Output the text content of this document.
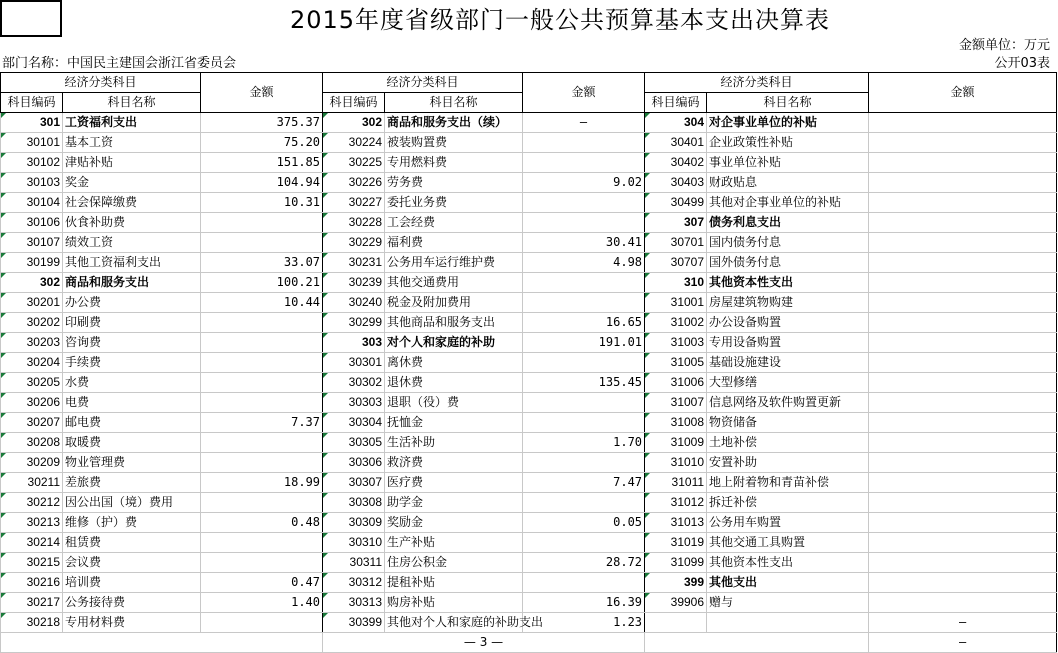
2015年度省级部门一般公共预算基本支出决算表
金额单位：万元
部门名称：中国民主建国会浙江省委员会	公开03表
经济分类科目		金额	经济分类科目		金额	经济分类科目		金额
科目编码	科目名称		科目编码	科目名称		科目编码	科目名称	
301	工资福利支出	375.37	302	商品和服务支出（续）	—	304	对企事业单位的补贴	
30101	基本工资	75.20	30224	被装购置费		30401	企业政策性补贴	
30102	津贴补贴	151.85	30225	专用燃料费		30402	事业单位补贴	
30103	奖金	104.94	30226	劳务费	9.02	30403	财政贴息	
30104	社会保障缴费	10.31	30227	委托业务费		30499	其他对企事业单位的补贴	
30106	伙食补助费		30228	工会经费		307	债务利息支出	
30107	绩效工资		30229	福利费	30.41	30701	国内债务付息	
30199	其他工资福利支出	33.07	30231	公务用车运行维护费	4.98	30707	国外债务付息	
302	商品和服务支出	100.21	30239	其他交通费用		310	其他资本性支出	
30201	办公费	10.44	30240	税金及附加费用		31001	房屋建筑物购建	
30202	印刷费		30299	其他商品和服务支出	16.65	31002	办公设备购置	
30203	咨询费		303	对个人和家庭的补助	191.01	31003	专用设备购置	
30204	手续费		30301	离休费		31005	基础设施建设	
30205	水费		30302	退休费	135.45	31006	大型修缮	
30206	电费		30303	退职（役）费		31007	信息网络及软件购置更新	
30207	邮电费	7.37	30304	抚恤金		31008	物资储备	
30208	取暖费		30305	生活补助	1.70	31009	土地补偿	
30209	物业管理费		30306	救济费		31010	安置补助	
30211	差旅费	18.99	30307	医疗费	7.47	31011	地上附着物和青苗补偿	
30212	因公出国（境）费用		30308	助学金		31012	拆迁补偿	
30213	维修（护）费	0.48	30309	奖励金	0.05	31013	公务用车购置	
30214	租赁费		30310	生产补贴		31019	其他交通工具购置	
30215	会议费		30311	住房公积金	28.72	31099	其他资本性支出	
30216	培训费	0.47	30312	提租补贴		399	其他支出	
30217	公务接待费	1.40	30313	购房补贴	16.39	39906	赠与	
30218	专用材料费		30399	其他对个人和家庭的补助支出	1.23			—
			— 3 —					—
